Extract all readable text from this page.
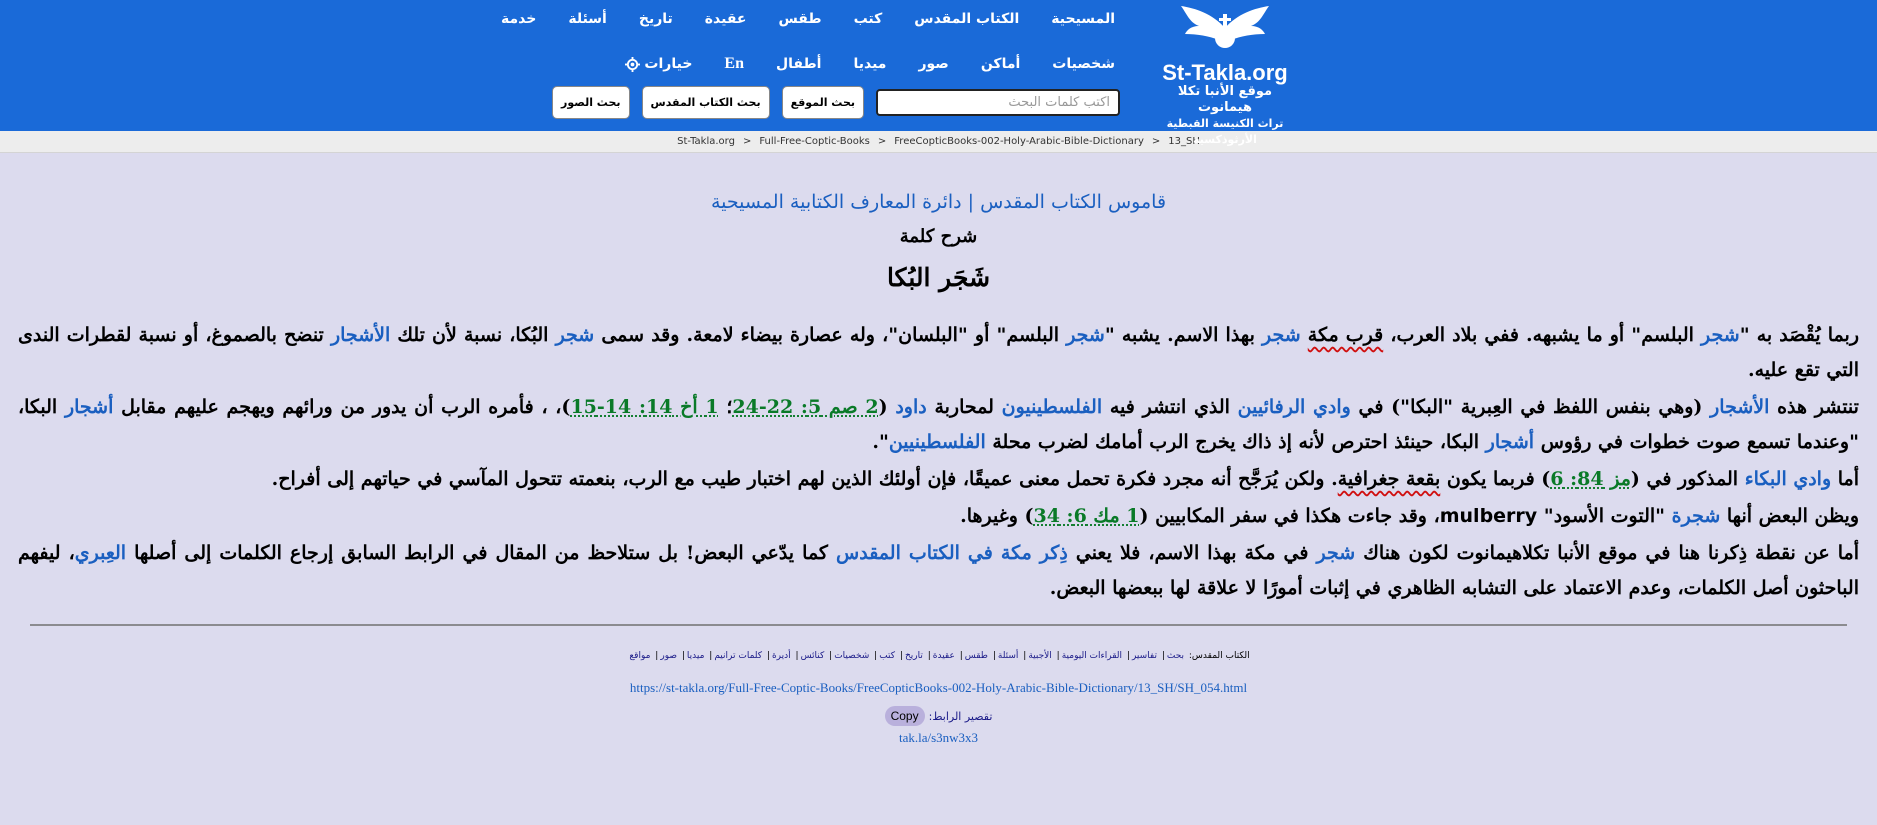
St-Takla.org
موقع الأنبا تكلا هيمانوت
تراث الكنيسة القبطية الأرثوذكسية
المسيحية
الكتاب المقدس
كتب
طقس
عقيدة
تاريخ
أسئلة
خدمة
شخصيات
أماكن
صور
ميديا
أطفال
En
خيارات
اكتب كلمات البحث
بحث الموقع
بحث الكتاب المقدس
بحث الصور
St-Takla.org > Full-Free-Coptic-Books > FreeCopticBooks-002-Holy-Arabic-Bible-Dictionary > 13_SH
قاموس الكتاب المقدس | دائرة المعارف الكتابية المسيحية
شرح كلمة
شَجَر البُكا

ربما يُقْصَد به "شجر البلسم" أو ما يشبهه. ففي بلاد العرب، قرب مكة شجر بهذا الاسم. يشبه "شجر البلسم" أو "البلسان"، وله عصارة بيضاء لامعة. وقد سمى شجر البُكا، نسبة لأن تلك الأشجار تنضح بالصموغ، أو نسبة لقطرات الندى التي تقع عليه.

تنتشر هذه الأشجار (وهي بنفس اللفظ في العِبرية "البكا") في وادي الرفائيين الذي انتشر فيه الفلسطينيون لمحاربة داود (2 صم 5: 22-24؛ 1 أخ 14: 14-15)، ، فأمره الرب أن يدور من ورائهم ويهجم عليهم مقابل أشجار البكا، "وعندما تسمع صوت خطوات في رؤوس أشجار البكا، حينئذ احترص لأنه إذ ذاك يخرج الرب أمامك لضرب محلة الفلسطينيين".

أما وادي البكاء المذكور في (مز 84: 6) فربما يكون بقعة جغرافية. ولكن يُرَجَّح أنه مجرد فكرة تحمل معنى عميقًا، فإن أولئك الذين لهم اختبار طيب مع الرب، بنعمته تتحول المآسي في حياتهم إلى أفراح.

ويظن البعض أنها شجرة "التوت الأسود" mulberry، وقد جاءت هكذا في سفر المكابيين (1 مك 6: 34) وغيرها.

أما عن نقطة ذِكرنا هنا في موقع الأنبا تكلاهيمانوت لكون هناك شجر في مكة بهذا الاسم، فلا يعني ذِكر مكة في الكتاب المقدس كما يدّعي البعض! بل ستلاحظ من المقال في الرابط السابق إرجاع الكلمات إلى أصلها العِبري، ليفهم الباحثون أصل الكلمات، وعدم الاعتماد على التشابه الظاهري في إثبات أمورًا لا علاقة لها ببعضها البعض.

الكتاب المقدس: بحث| تفاسير| القراءات اليومية| الأجبية| أسئلة| طقس| عقيدة| تاريخ| كتب| شخصيات| كنائس| أديرة| كلمات ترانيم| ميديا| صور| مواقع
https://st-takla.org/Full-Free-Coptic-Books/FreeCopticBooks-002-Holy-Arabic-Bible-Dictionary/13_SH/SH_054.html
تقصير الرابط:
Copy
tak.la/s3nw3x3
